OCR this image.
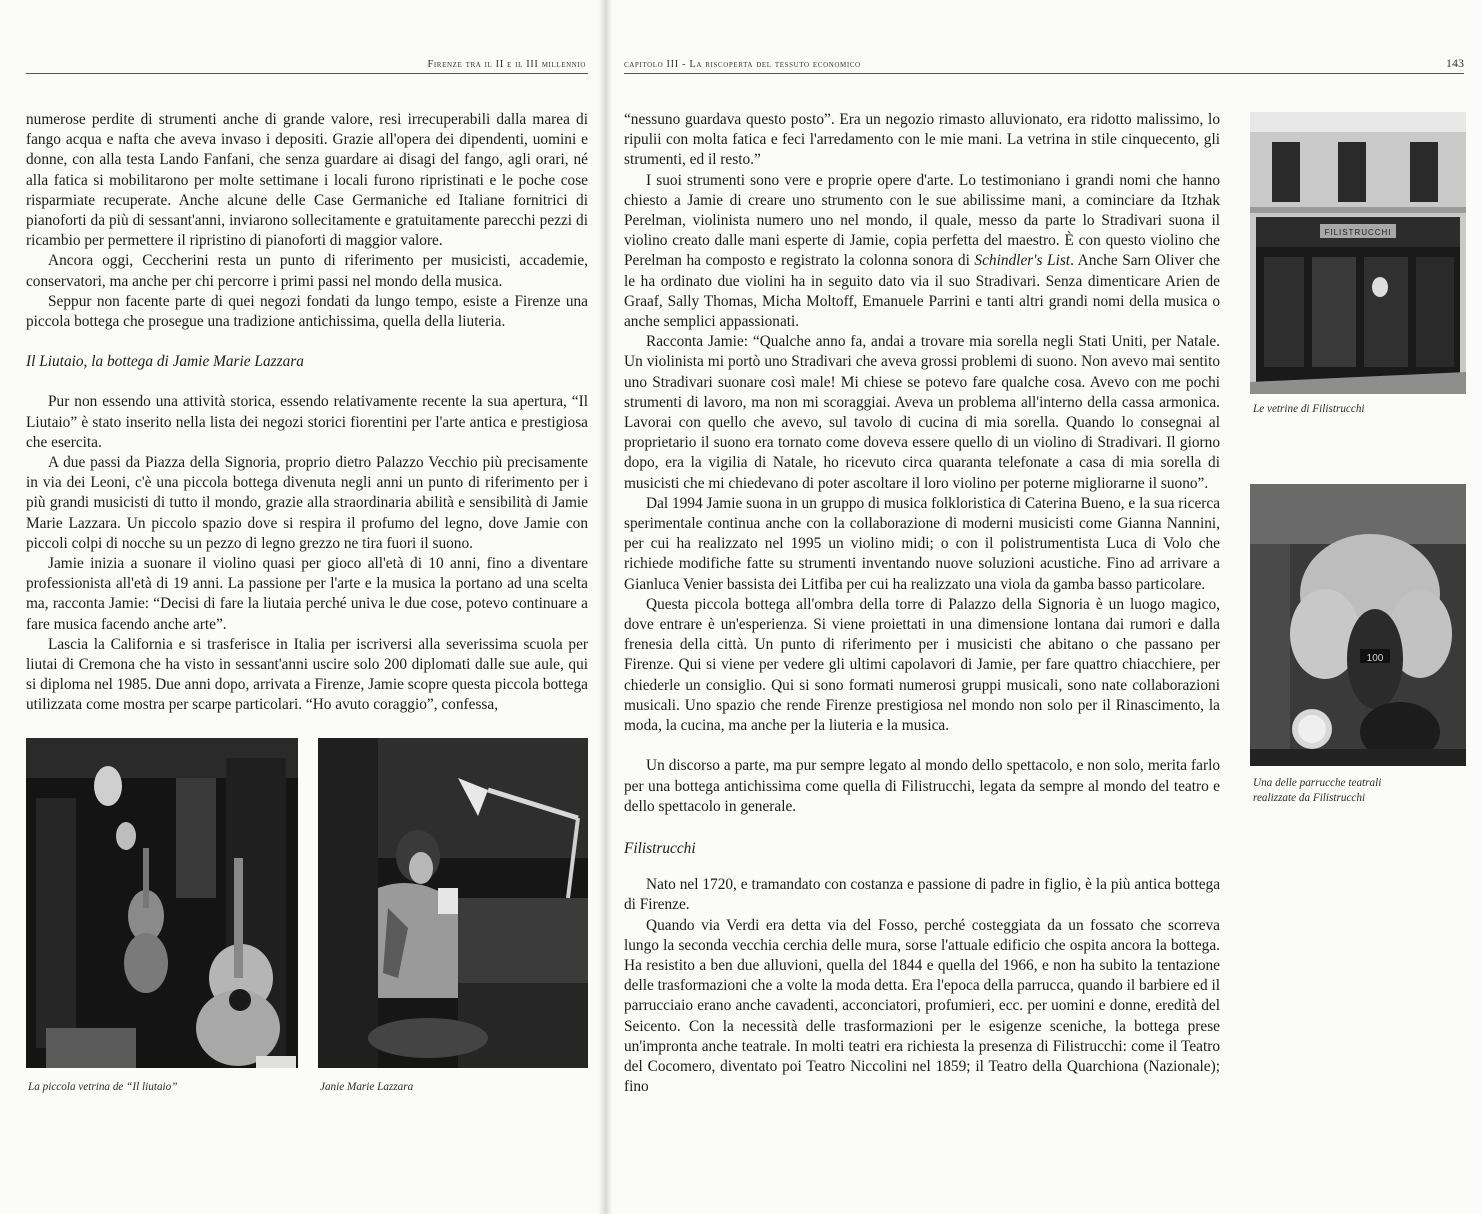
Firenze tra il II e il III millennio

numerose perdite di strumenti anche di grande valore, resi irrecuperabili dalla marea di fango acqua e nafta che aveva invaso i depositi. Grazie all'opera dei dipendenti, uomini e donne, con alla testa Lando Fanfani, che senza guardare ai disagi del fango, agli orari, né alla fatica si mobilitarono per molte settimane i locali furono ripristinati e le poche cose risparmiate recuperate. Anche alcune delle Case Germaniche ed Italiane fornitrici di pianoforti da più di sessant'anni, inviarono sollecitamente e gratuitamente parecchi pezzi di ricambio per permettere il ripristino di pianoforti di maggior valore.

Ancora oggi, Ceccherini resta un punto di riferimento per musicisti, accademie, conservatori, ma anche per chi percorre i primi passi nel mondo della musica.

Seppur non facente parte di quei negozi fondati da lungo tempo, esiste a Firenze una piccola bottega che prosegue una tradizione antichissima, quella della liuteria.

Il Liutaio, la bottega di Jamie Marie Lazzara

Pur non essendo una attività storica, essendo relativamente recente la sua apertura, “Il Liutaio” è stato inserito nella lista dei negozi storici fiorentini per l'arte antica e prestigiosa che esercita.

A due passi da Piazza della Signoria, proprio dietro Palazzo Vecchio più precisamente in via dei Leoni, c'è una piccola bottega divenuta negli anni un punto di riferimento per i più grandi musicisti di tutto il mondo, grazie alla straordinaria abilità e sensibilità di Jamie Marie Lazzara. Un piccolo spazio dove si respira il profumo del legno, dove Jamie con piccoli colpi di nocche su un pezzo di legno grezzo ne tira fuori il suono.

Jamie inizia a suonare il violino quasi per gioco all'età di 10 anni, fino a diventare professionista all'età di 19 anni. La passione per l'arte e la musica la portano ad una scelta ma, racconta Jamie: “Decisi di fare la liutaia perché univa le due cose, potevo continuare a fare musica facendo anche arte”.

Lascia la California e si trasferisce in Italia per iscriversi alla severissima scuola per liutai di Cremona che ha visto in sessant'anni uscire solo 200 diplomati dalle sue aule, qui si diploma nel 1985. Due anni dopo, arrivata a Firenze, Jamie scopre questa piccola bottega utilizzata come mostra per scarpe particolari. “Ho avuto coraggio”, confessa,

La piccola vetrina de “Il liutaio”	Janie Marie Lazzara
capitolo III - La riscoperta del tessuto economico	143

“nessuno guardava questo posto”. Era un negozio rimasto alluvionato, era ridotto malissimo, lo ripulii con molta fatica e feci l'arredamento con le mie mani. La vetrina in stile cinquecento, gli strumenti, ed il resto.”

I suoi strumenti sono vere e proprie opere d'arte. Lo testimoniano i grandi nomi che hanno chiesto a Jamie di creare uno strumento con le sue abilissime mani, a cominciare da Itzhak Perelman, violinista numero uno nel mondo, il quale, messo da parte lo Stradivari suona il violino creato dalle mani esperte di Jamie, copia perfetta del maestro. È con questo violino che Perelman ha composto e registrato la colonna sonora di Schindler's List. Anche Sarn Oliver che le ha ordinato due violini ha in seguito dato via il suo Stradivari. Senza dimenticare Arien de Graaf, Sally Thomas, Micha Moltoff, Emanuele Parrini e tanti altri grandi nomi della musica o anche semplici appassionati.

Racconta Jamie: “Qualche anno fa, andai a trovare mia sorella negli Stati Uniti, per Natale. Un violinista mi portò uno Stradivari che aveva grossi problemi di suono. Non avevo mai sentito uno Stradivari suonare così male! Mi chiese se potevo fare qualche cosa. Avevo con me pochi strumenti di lavoro, ma non mi scoraggiai. Aveva un problema all'interno della cassa armonica. Lavorai con quello che avevo, sul tavolo di cucina di mia sorella. Quando lo consegnai al proprietario il suono era tornato come doveva essere quello di un violino di Stradivari. Il giorno dopo, era la vigilia di Natale, ho ricevuto circa quaranta telefonate a casa di mia sorella di musicisti che mi chiedevano di poter ascoltare il loro violino per poterne migliorarne il suono”.

Dal 1994 Jamie suona in un gruppo di musica folkloristica di Caterina Bueno, e la sua ricerca sperimentale continua anche con la collaborazione di moderni musicisti come Gianna Nannini, per cui ha realizzato nel 1995 un violino midi; o con il polistrumentista Luca di Volo che richiede modifiche fatte su strumenti inventando nuove soluzioni acustiche. Fino ad arrivare a Gianluca Venier bassista dei Litfiba per cui ha realizzato una viola da gamba basso particolare.

Questa piccola bottega all'ombra della torre di Palazzo della Signoria è un luogo magico, dove entrare è un'esperienza. Si viene proiettati in una dimensione lontana dai rumori e dalla frenesia della città. Un punto di riferimento per i musicisti che abitano o che passano per Firenze. Qui si viene per vedere gli ultimi capolavori di Jamie, per fare quattro chiacchiere, per chiederle un consiglio. Qui si sono formati numerosi gruppi musicali, sono nate collaborazioni musicali. Uno spazio che rende Firenze prestigiosa nel mondo non solo per il Rinascimento, la moda, la cucina, ma anche per la liuteria e la musica.

Un discorso a parte, ma pur sempre legato al mondo dello spettacolo, e non solo, merita farlo per una bottega antichissima come quella di Filistrucchi, legata da sempre al mondo del teatro e dello spettacolo in generale.

Filistrucchi

Nato nel 1720, e tramandato con costanza e passione di padre in figlio, è la più antica bottega di Firenze.

Quando via Verdi era detta via del Fosso, perché costeggiata da un fossato che scorreva lungo la seconda vecchia cerchia delle mura, sorse l'attuale edificio che ospita ancora la bottega. Ha resistito a ben due alluvioni, quella del 1844 e quella del 1966, e non ha subito la tentazione delle trasformazioni che a volte la moda detta. Era l'epoca della parrucca, quando il barbiere ed il parrucciaio erano anche cavadenti, acconciatori, profumieri, ecc. per uomini e donne, eredità del Seicento. Con la necessità delle trasformazioni per le esigenze sceniche, la bottega prese un'impronta anche teatrale. In molti teatri era richiesta la presenza di Filistrucchi: come il Teatro del Cocomero, diventato poi Teatro Niccolini nel 1859; il Teatro della Quarchiona (Nazionale); fino

FILISTRUCCHI
Le vetrine di Filistrucchi
100
Una delle parrucche teatrali
realizzate da Filistrucchi
